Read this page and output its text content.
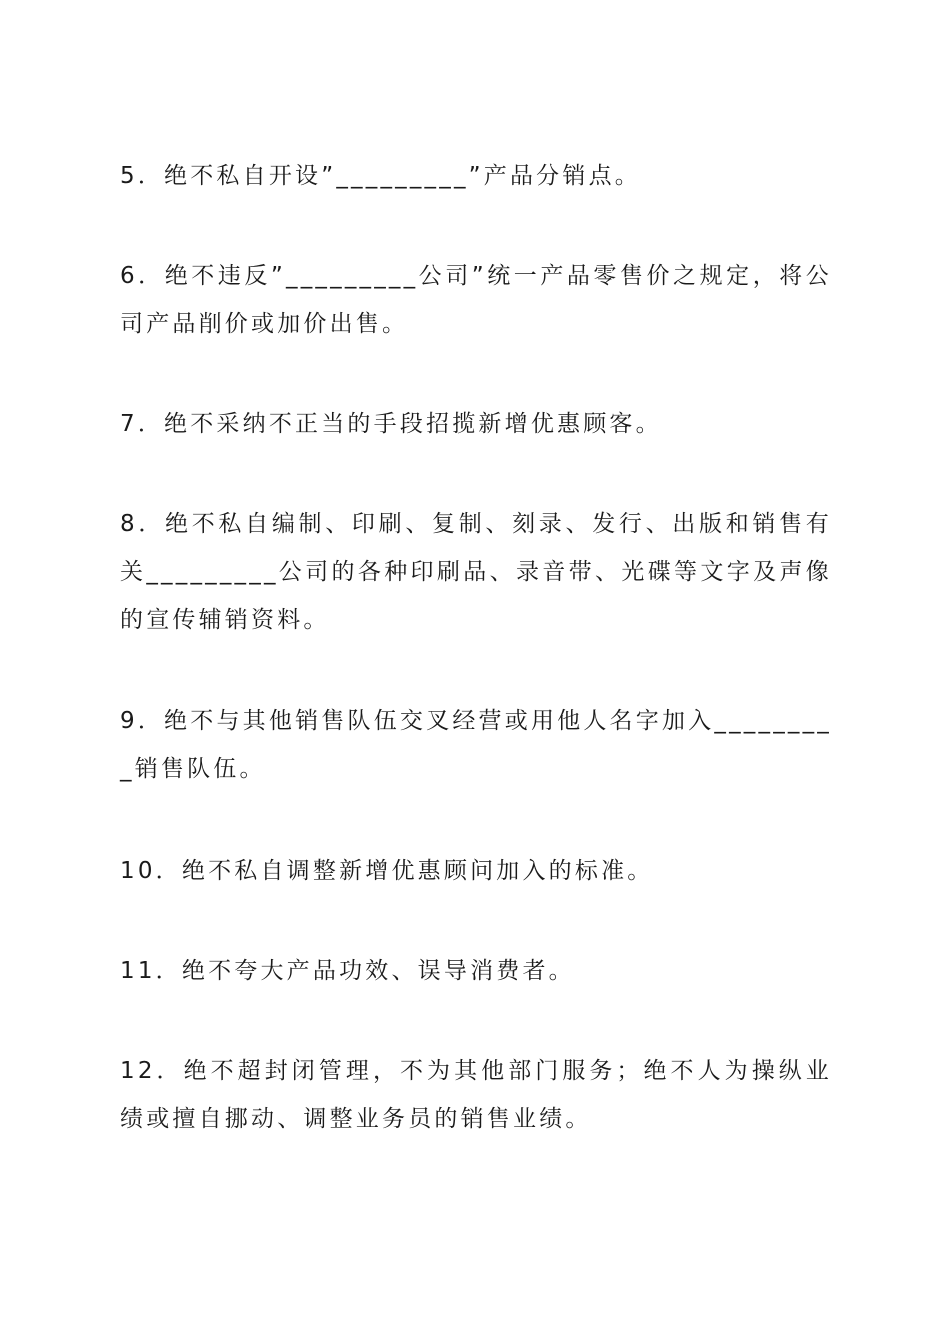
5．绝不私自开设”_________”产品分销点。

6．绝不违反”_________公司”统一产品零售价之规定，将公司产品削价或加价出售。

7．绝不采纳不正当的手段招揽新增优惠顾客。

8．绝不私自编制、印刷、复制、刻录、发行、出版和销售有关_________公司的各种印刷品、录音带、光碟等文字及声像的宣传辅销资料。

9．绝不与其他销售队伍交叉经营或用他人名字加入_________销售队伍。

10．绝不私自调整新增优惠顾问加入的标准。

11．绝不夸大产品功效、误导消费者。

12．绝不超封闭管理，不为其他部门服务；绝不人为操纵业绩或擅自挪动、调整业务员的销售业绩。
